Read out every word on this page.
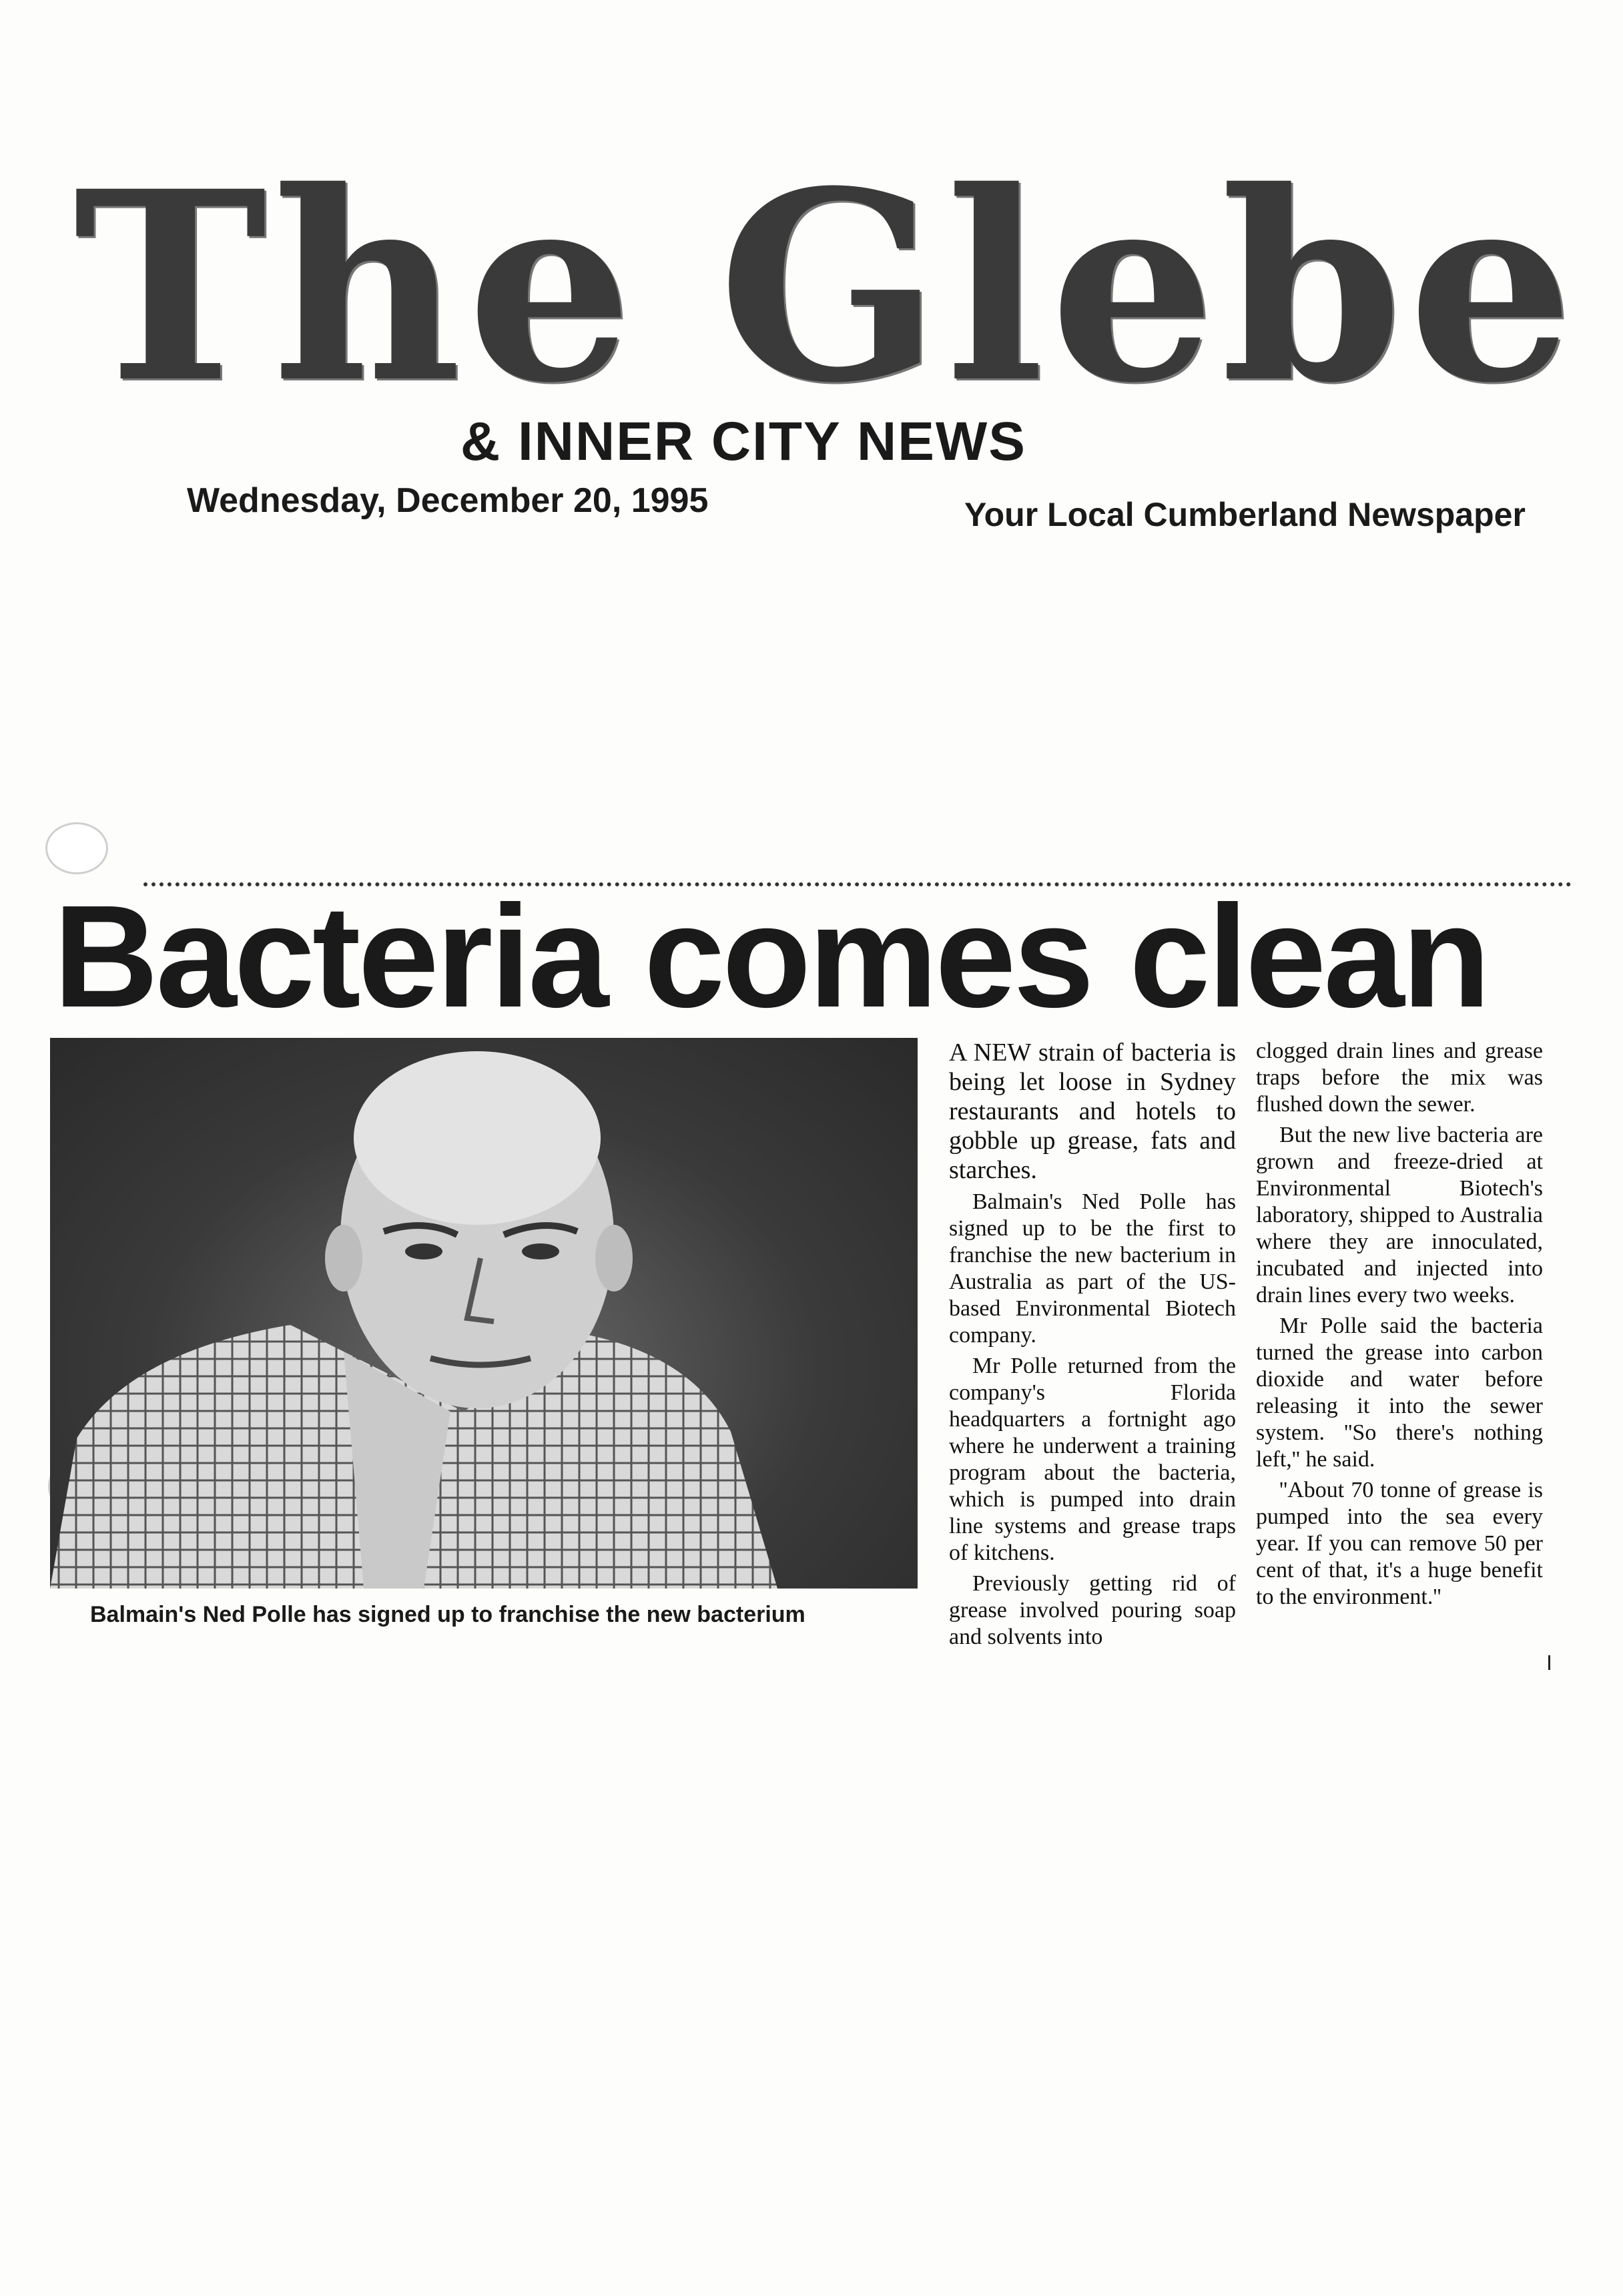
The Glebe
& INNER CITY NEWS
Wednesday, December 20, 1995	Your Local Cumberland Newspaper
Bacteria comes clean
Balmain's Ned Polle has signed up to franchise the new bacterium

A NEW strain of bacteria is being let loose in Sydney restaurants and hotels to gobble up grease, fats and starches.

Balmain's Ned Polle has signed up to be the first to franchise the new bacterium in Australia as part of the US-based Environmental Biotech company.

Mr Polle returned from the company's Florida headquarters a fortnight ago where he underwent a training program about the bacteria, which is pumped into drain line systems and grease traps of kitchens.

Previously getting rid of grease involved pouring soap and solvents into

clogged drain lines and grease traps before the mix was flushed down the sewer.

But the new live bacteria are grown and freeze-dried at Environmental Biotech's laboratory, shipped to Australia where they are innoculated, incubated and injected into drain lines every two weeks.

Mr Polle said the bacteria turned the grease into carbon dioxide and water before releasing it into the sewer system. ''So there's nothing left,'' he said.

''About 70 tonne of grease is pumped into the sea every year. If you can remove 50 per cent of that, it's a huge benefit to the environment.''
